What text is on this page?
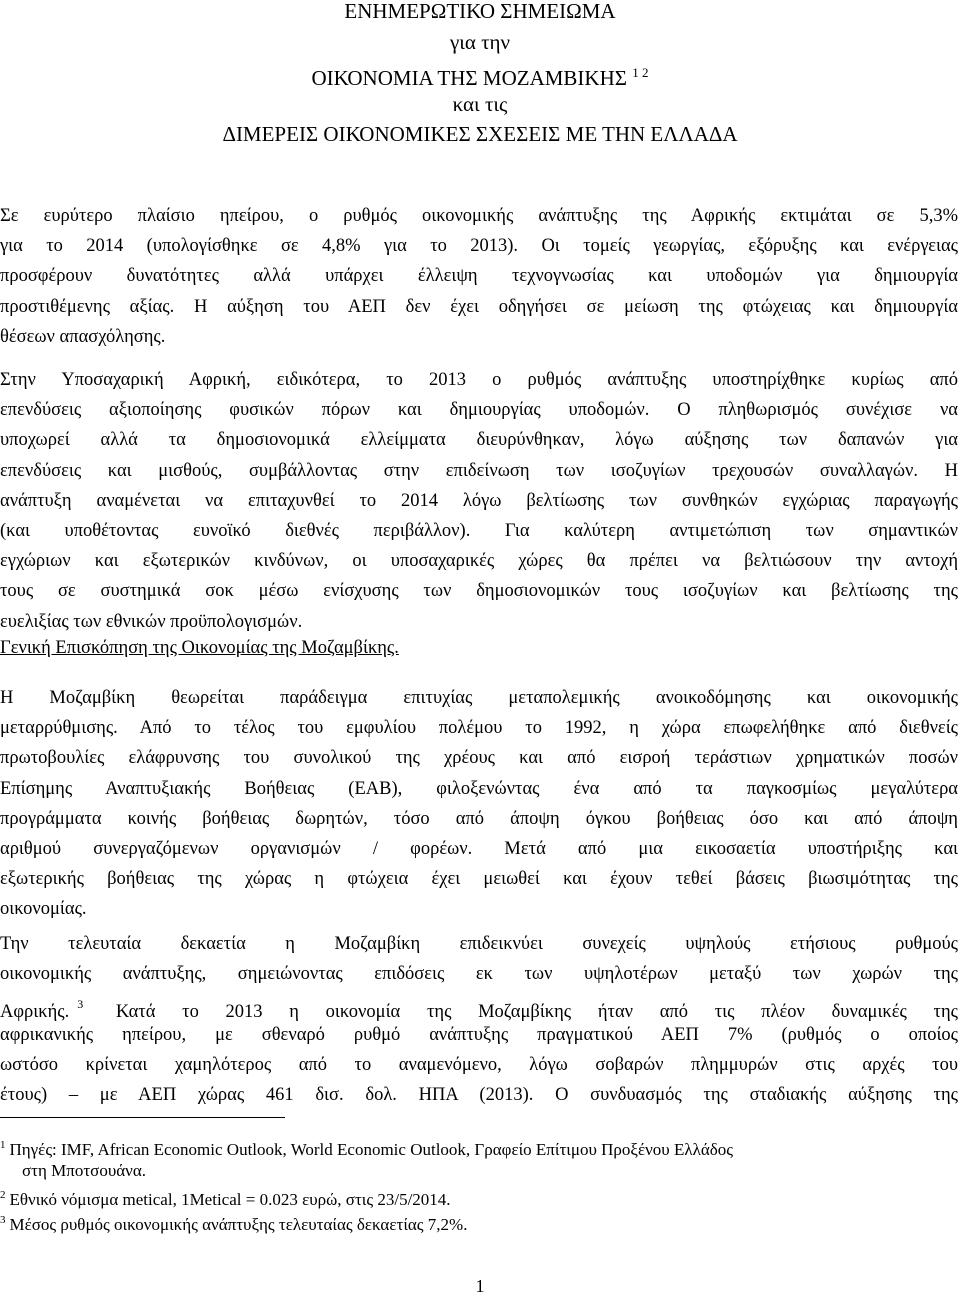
ΕΝΗΜΕΡΩΤΙΚΟ ΣΗΜΕΙΩΜΑ
για την
ΟΙΚΟΝΟΜΙΑ ΤΗΣ ΜΟΖΑΜΒΙΚΗΣ $^{1 2}$
και τις
ΔΙΜΕΡΕΙΣ ΟΙΚΟΝΟΜΙΚΕΣ ΣΧΕΣΕΙΣ ΜΕ ΤΗΝ ΕΛΛΑΔΑ
Σε ευρύτερο πλαίσιο ηπείρου, ο ρυθμός οικονομικής ανάπτυξης της Αφρικής εκτιμάται σε 5,3%
για το 2014 (υπολογίσθηκε σε 4,8% για το 2013). Οι τομείς γεωργίας, εξόρυξης και ενέργειας
προσφέρουν δυνατότητες αλλά υπάρχει έλλειψη τεχνογνωσίας και υποδομών για δημιουργία
προστιθέμενης αξίας. Η αύξηση του ΑΕΠ δεν έχει οδηγήσει σε μείωση της φτώχειας και δημιουργία
θέσεων απασχόλησης.
Στην Υποσαχαρική Αφρική, ειδικότερα, το 2013 ο ρυθμός ανάπτυξης υποστηρίχθηκε κυρίως από
επενδύσεις αξιοποίησης φυσικών πόρων και δημιουργίας υποδομών. Ο πληθωρισμός συνέχισε να
υποχωρεί αλλά τα δημοσιονομικά ελλείμματα διευρύνθηκαν, λόγω αύξησης των δαπανών για
επενδύσεις και μισθούς, συμβάλλοντας στην επιδείνωση των ισοζυγίων τρεχουσών συναλλαγών. Η
ανάπτυξη αναμένεται να επιταχυνθεί το 2014 λόγω βελτίωσης των συνθηκών εγχώριας παραγωγής
(και υποθέτοντας ευνοϊκό διεθνές περιβάλλον). Για καλύτερη αντιμετώπιση των σημαντικών
εγχώριων και εξωτερικών κινδύνων, οι υποσαχαρικές χώρες θα πρέπει να βελτιώσουν την αντοχή
τους σε συστημικά σοκ μέσω ενίσχυσης των δημοσιονομικών τους ισοζυγίων και βελτίωσης της
ευελιξίας των εθνικών προϋπολογισμών.
Γενική Επισκόπηση της Οικονομίας της Μοζαμβίκης.
Η Μοζαμβίκη θεωρείται παράδειγμα επιτυχίας μεταπολεμικής ανοικοδόμησης και οικονομικής
μεταρρύθμισης. Από το τέλος του εμφυλίου πολέμου το 1992, η χώρα επωφελήθηκε από διεθνείς
πρωτοβουλίες ελάφρυνσης του συνολικού της χρέους και από εισροή τεράστιων χρηματικών ποσών
Επίσημης Αναπτυξιακής Βοήθειας (ΕΑΒ), φιλοξενώντας ένα από τα παγκοσμίως μεγαλύτερα
προγράμματα κοινής βοήθειας δωρητών, τόσο από άποψη όγκου βοήθειας όσο και από άποψη
αριθμού συνεργαζόμενων οργανισμών / φορέων. Μετά από μια εικοσαετία υποστήριξης και
εξωτερικής βοήθειας της χώρας η φτώχεια έχει μειωθεί και έχουν τεθεί βάσεις βιωσιμότητας της
οικονομίας.
Την τελευταία δεκαετία η Μοζαμβίκη επιδεικνύει συνεχείς υψηλούς ετήσιους ρυθμούς
οικονομικής ανάπτυξης, σημειώνοντας επιδόσεις εκ των υψηλοτέρων μεταξύ των χωρών της
Αφρικής. $^3$ Κατά το 2013 η οικονομία της Μοζαμβίκης ήταν από τις πλέον δυναμικές της
αφρικανικής ηπείρου, με σθεναρό ρυθμό ανάπτυξης πραγματικού ΑΕΠ 7% (ρυθμός ο οποίος
ωστόσο κρίνεται χαμηλότερος από το αναμενόμενο, λόγω σοβαρών πλημμυρών στις αρχές του
έτους) – με ΑΕΠ χώρας 461 δισ. δολ. ΗΠΑ (2013). Ο συνδυασμός της σταδιακής αύξησης της
$^1$ Πηγές: IMF, African Economic Outlook, World Economic Outlook, Γραφείο Επίτιμου Προξένου Ελλάδος
στη Μποτσουάνα.
$^2$ Εθνικό νόμισμα metical, 1Metical = 0.023 ευρώ, στις 23/5/2014.
$^3$ Μέσος ρυθμός οικονομικής ανάπτυξης τελευταίας δεκαετίας 7,2%.
1
